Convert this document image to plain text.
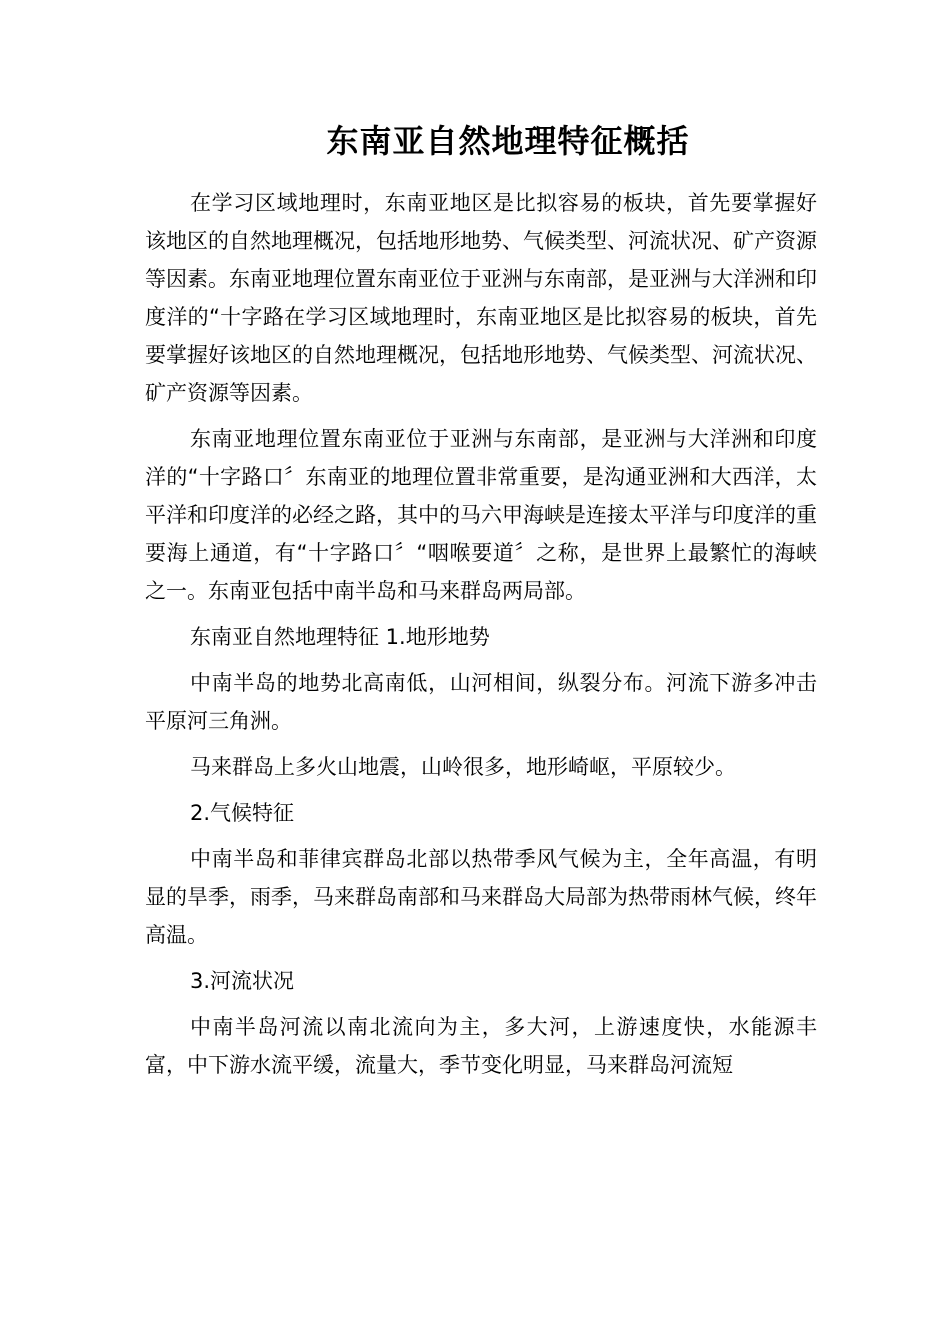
东南亚自然地理特征概括

在学习区域地理时，东南亚地区是比拟容易的板块，首先要掌握好该地区的自然地理概况，包括地形地势、气候类型、河流状况、矿产资源等因素。东南亚地理位置东南亚位于亚洲与东南部，是亚洲与大洋洲和印度洋的“十字路在学习区域地理时，东南亚地区是比拟容易的板块，首先要掌握好该地区的自然地理概况，包括地形地势、气候类型、河流状况、矿产资源等因素。

东南亚地理位置东南亚位于亚洲与东南部，是亚洲与大洋洲和印度洋的“十字路口〞东南亚的地理位置非常重要，是沟通亚洲和大西洋，太平洋和印度洋的必经之路，其中的马六甲海峡是连接太平洋与印度洋的重要海上通道，有“十字路口〞“咽喉要道〞之称，是世界上最繁忙的海峡之一。东南亚包括中南半岛和马来群岛两局部。

东南亚自然地理特征 1.地形地势

中南半岛的地势北高南低，山河相间，纵裂分布。河流下游多冲击平原河三角洲。

马来群岛上多火山地震，山岭很多，地形崎岖，平原较少。

2.气候特征

中南半岛和菲律宾群岛北部以热带季风气候为主，全年高温，有明显的旱季，雨季，马来群岛南部和马来群岛大局部为热带雨林气候，终年高温。

3.河流状况

中南半岛河流以南北流向为主，多大河，上游速度快，水能源丰富，中下游水流平缓，流量大，季节变化明显，马来群岛河流短
